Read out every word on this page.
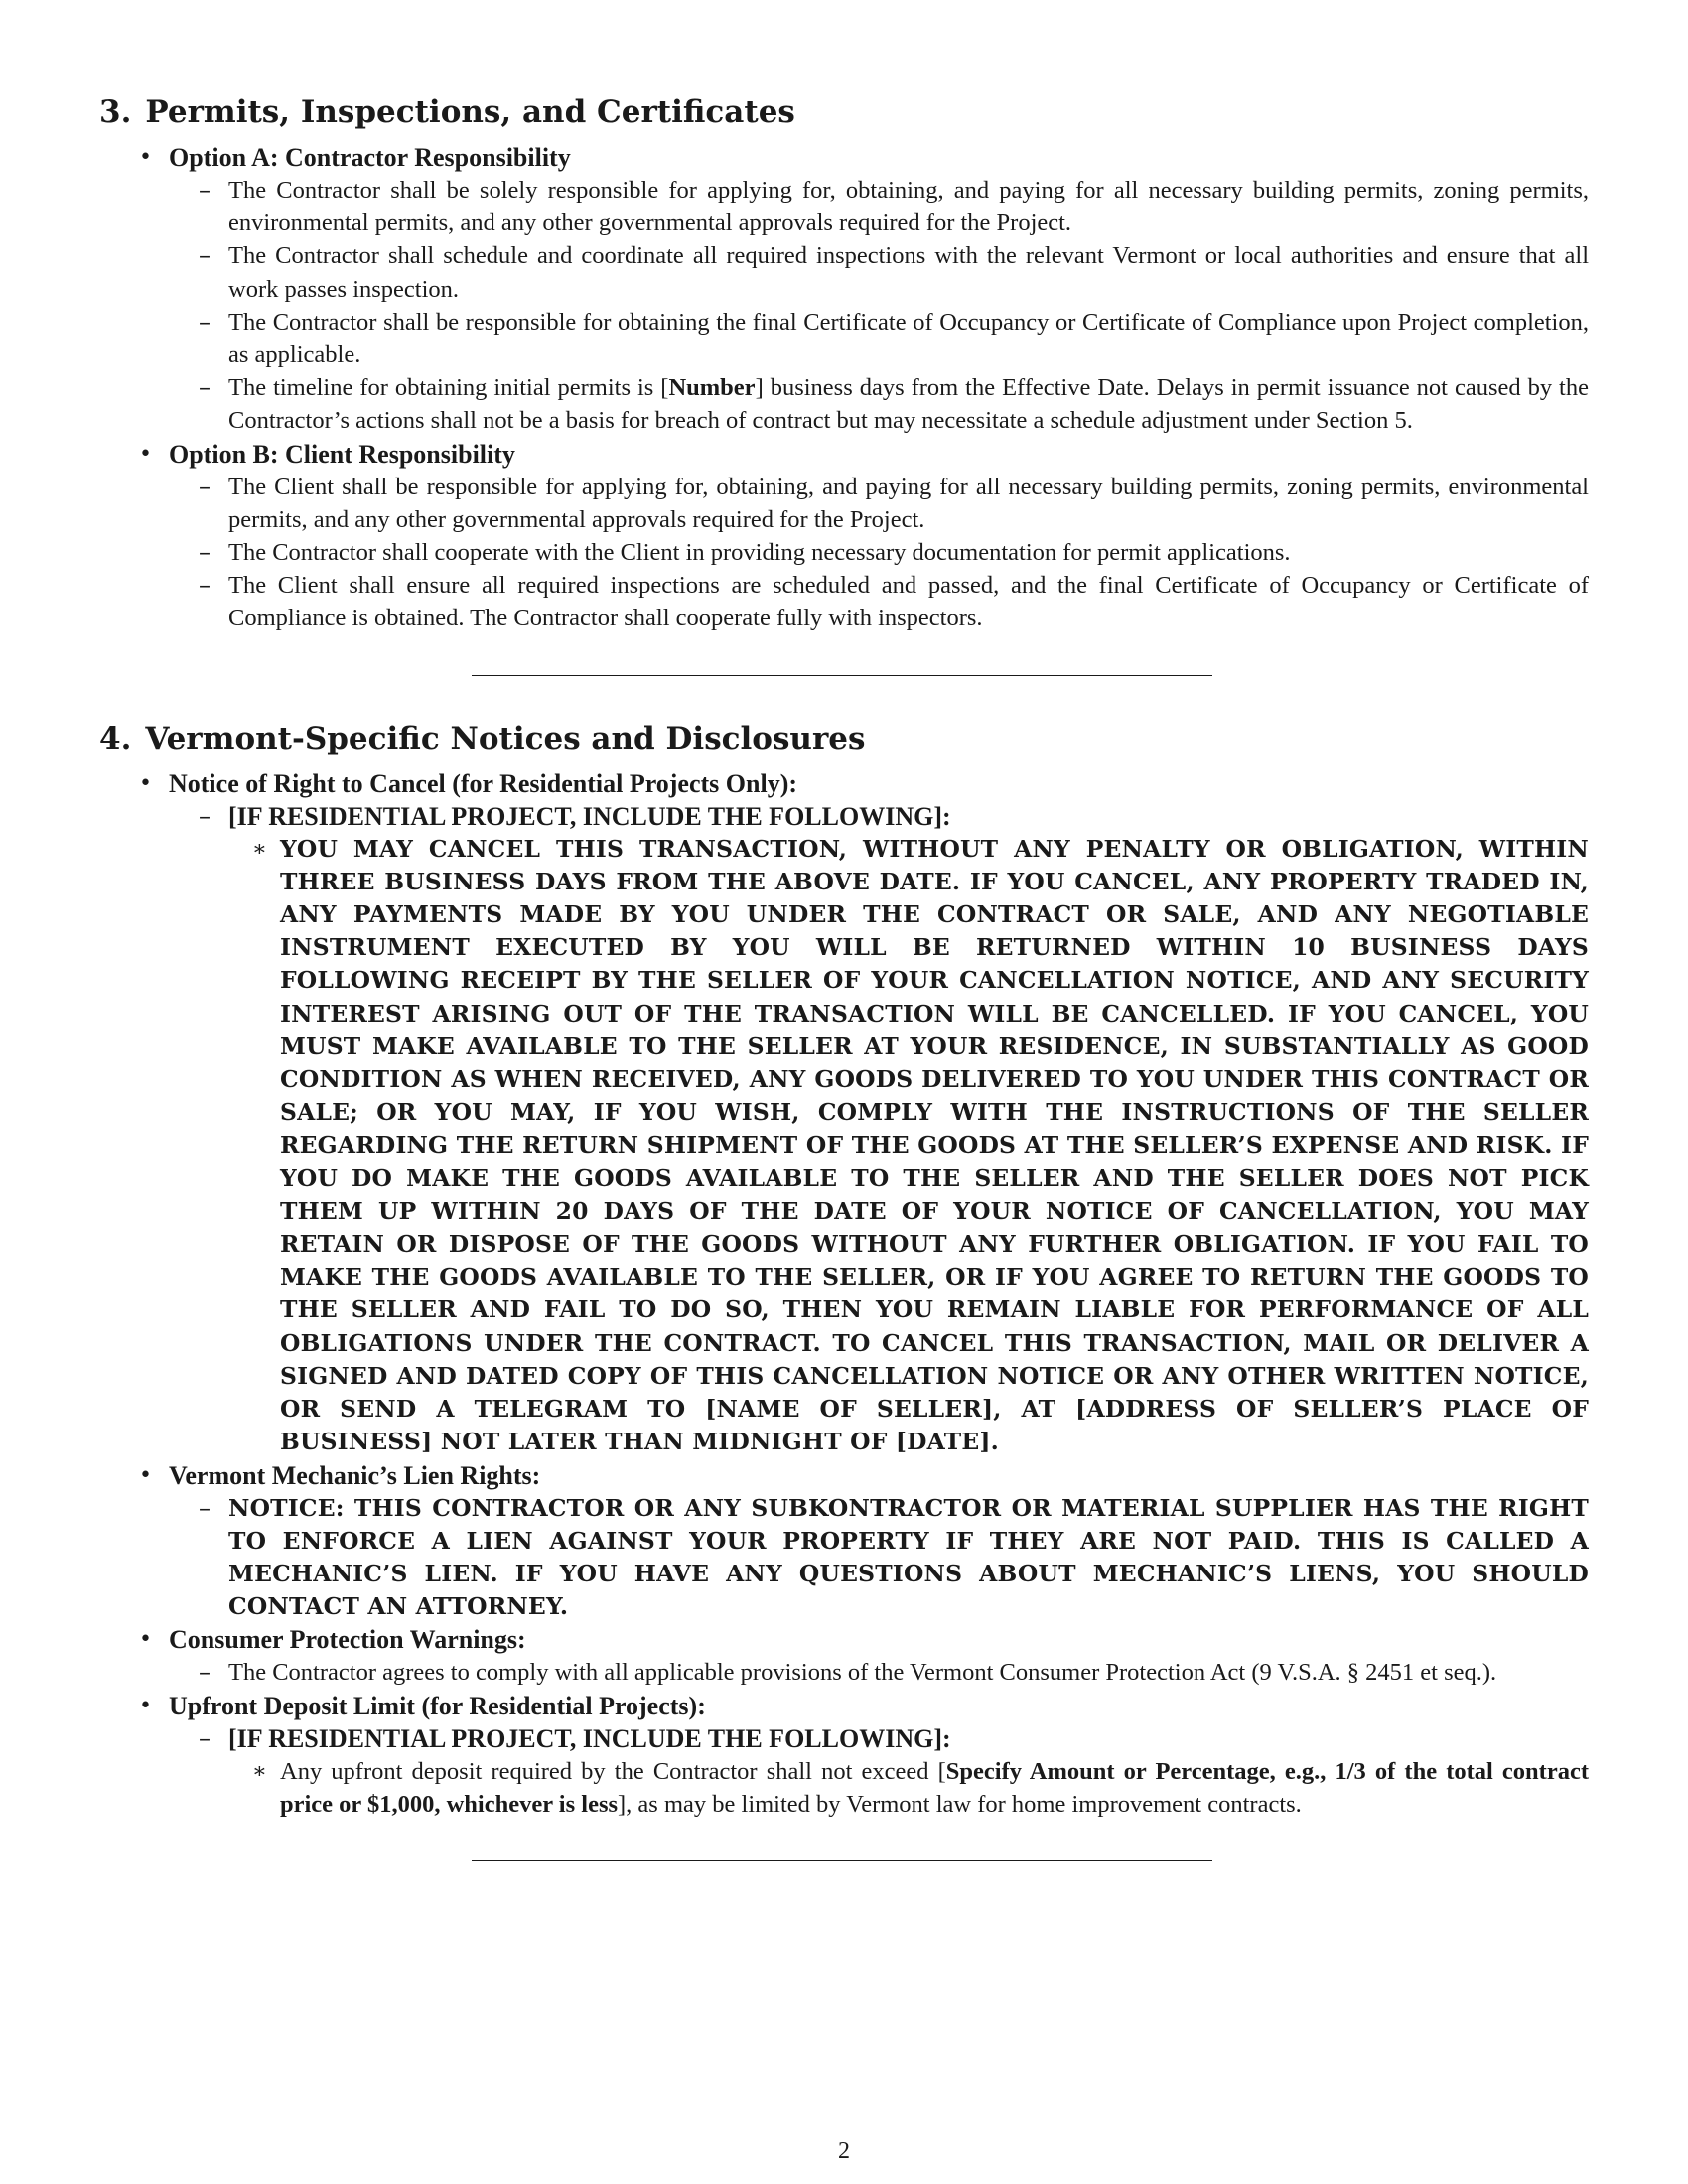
3. Permits, Inspections, and Certificates
• Option A: Contractor Responsibility
– The Contractor shall be solely responsible for applying for, obtaining, and paying for all necessary building permits, zoning permits, environmental permits, and any other governmental approvals required for the Project.
– The Contractor shall schedule and coordinate all required inspections with the relevant Vermont or local authorities and ensure that all work passes inspection.
– The Contractor shall be responsible for obtaining the final Certificate of Occupancy or Certificate of Compliance upon Project completion, as applicable.
– The timeline for obtaining initial permits is [Number] business days from the Effective Date. Delays in permit issuance not caused by the Contractor’s actions shall not be a basis for breach of contract but may necessitate a schedule adjustment under Section 5.
• Option B: Client Responsibility
– The Client shall be responsible for applying for, obtaining, and paying for all necessary building permits, zoning permits, environmental permits, and any other governmental approvals required for the Project.
– The Contractor shall cooperate with the Client in providing necessary documentation for permit applications.
– The Client shall ensure all required inspections are scheduled and passed, and the final Certificate of Occupancy or Certificate of Compliance is obtained. The Contractor shall cooperate fully with inspectors.
4. Vermont-Specific Notices and Disclosures
• Notice of Right to Cancel (for Residential Projects Only):
– [IF RESIDENTIAL PROJECT, INCLUDE THE FOLLOWING]:
∗ YOU MAY CANCEL THIS TRANSACTION, WITHOUT ANY PENALTY OR OBLIGATION, WITHIN THREE BUSINESS DAYS FROM THE ABOVE DATE. IF YOU CANCEL, ANY PROPERTY TRADED IN, ANY PAYMENTS MADE BY YOU UNDER THE CONTRACT OR SALE, AND ANY NEGOTIABLE INSTRUMENT EXECUTED BY YOU WILL BE RETURNED WITHIN 10 BUSINESS DAYS FOLLOWING RECEIPT BY THE SELLER OF YOUR CANCELLATION NOTICE, AND ANY SECURITY INTEREST ARISING OUT OF THE TRANSACTION WILL BE CANCELLED. IF YOU CANCEL, YOU MUST MAKE AVAILABLE TO THE SELLER AT YOUR RESIDENCE, IN SUBSTANTIALLY AS GOOD CONDITION AS WHEN RECEIVED, ANY GOODS DELIVERED TO YOU UNDER THIS CONTRACT OR SALE; OR YOU MAY, IF YOU WISH, COMPLY WITH THE INSTRUCTIONS OF THE SELLER REGARDING THE RETURN SHIPMENT OF THE GOODS AT THE SELLER’S EXPENSE AND RISK. IF YOU DO MAKE THE GOODS AVAILABLE TO THE SELLER AND THE SELLER DOES NOT PICK THEM UP WITHIN 20 DAYS OF THE DATE OF YOUR NOTICE OF CANCELLATION, YOU MAY RETAIN OR DISPOSE OF THE GOODS WITHOUT ANY FURTHER OBLIGATION. IF YOU FAIL TO MAKE THE GOODS AVAILABLE TO THE SELLER, OR IF YOU AGREE TO RETURN THE GOODS TO THE SELLER AND FAIL TO DO SO, THEN YOU REMAIN LIABLE FOR PERFORMANCE OF ALL OBLIGATIONS UNDER THE CONTRACT. TO CANCEL THIS TRANSACTION, MAIL OR DELIVER A SIGNED AND DATED COPY OF THIS CANCELLATION NOTICE OR ANY OTHER WRITTEN NOTICE, OR SEND A TELEGRAM TO [NAME OF SELLER], AT [ADDRESS OF SELLER’S PLACE OF BUSINESS] NOT LATER THAN MIDNIGHT OF [DATE].
• Vermont Mechanic’s Lien Rights:
– NOTICE: THIS CONTRACTOR OR ANY SUBKONTRACTOR OR MATERIAL SUPPLIER HAS THE RIGHT TO ENFORCE A LIEN AGAINST YOUR PROPERTY IF THEY ARE NOT PAID. THIS IS CALLED A MECHANIC’S LIEN. IF YOU HAVE ANY QUESTIONS ABOUT MECHANIC’S LIENS, YOU SHOULD CONTACT AN ATTORNEY.
• Consumer Protection Warnings:
– The Contractor agrees to comply with all applicable provisions of the Vermont Consumer Protection Act (9 V.S.A. § 2451 et seq.).
• Upfront Deposit Limit (for Residential Projects):
– [IF RESIDENTIAL PROJECT, INCLUDE THE FOLLOWING]:
∗ Any upfront deposit required by the Contractor shall not exceed [Specify Amount or Percentage, e.g., 1/3 of the total contract price or $1,000, whichever is less], as may be limited by Vermont law for home improvement contracts.
2
